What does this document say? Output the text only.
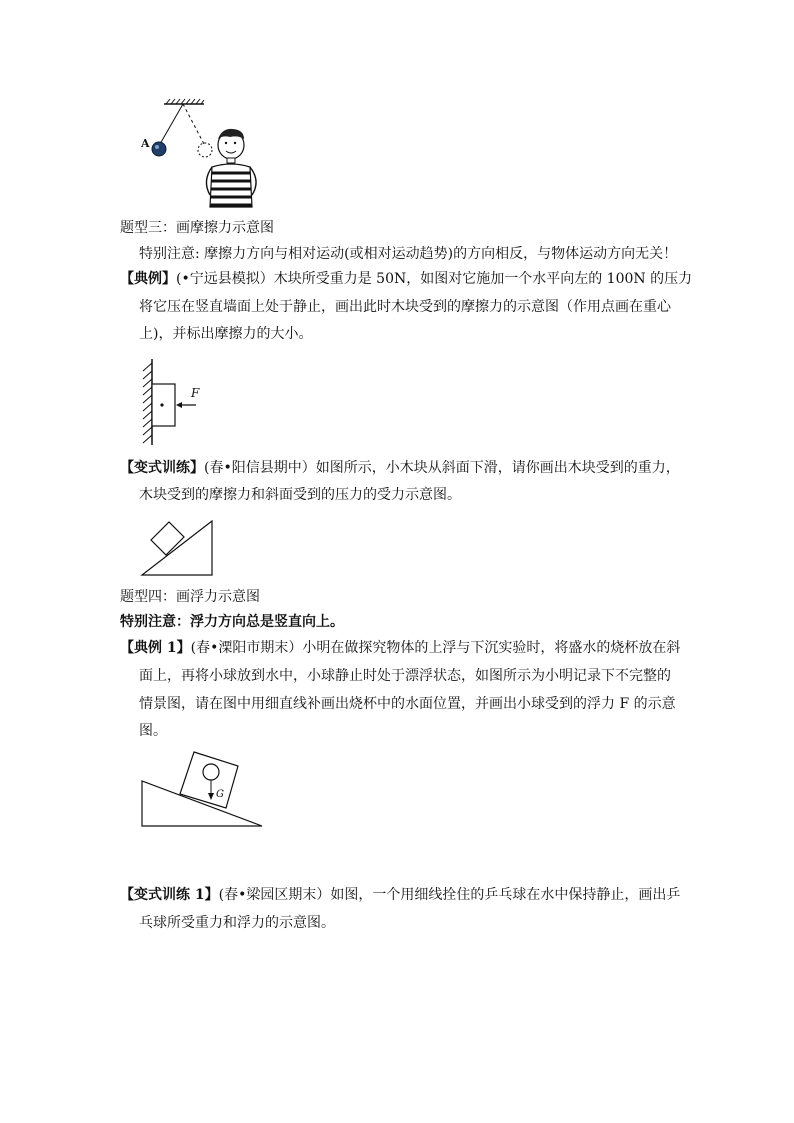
A
题型三：画摩擦力示意图
特别注意: 摩擦力方向与相对运动(或相对运动趋势)的方向相反，与物体运动方向无关！
【典例】(•宁远县模拟）木块所受重力是 50N，如图对它施加一个水平向左的 100N 的压力
将它压在竖直墙面上处于静止，画出此时木块受到的摩擦力的示意图（作用点画在重心
上)，并标出摩擦力的大小。
F
【变式训练】(春•阳信县期中）如图所示，小木块从斜面下滑，请你画出木块受到的重力，
木块受到的摩擦力和斜面受到的压力的受力示意图。
题型四：画浮力示意图
特别注意：浮力方向总是竖直向上。
【典例 1】(春•溧阳市期末）小明在做探究物体的上浮与下沉实验时，将盛水的烧杯放在斜
面上，再将小球放到水中，小球静止时处于漂浮状态，如图所示为小明记录下不完整的
情景图，请在图中用细直线补画出烧杯中的水面位置，并画出小球受到的浮力 F 的示意
图。
G
【变式训练 1】(春•梁园区期末）如图，一个用细线拴住的乒乓球在水中保持静止，画出乒
乓球所受重力和浮力的示意图。
